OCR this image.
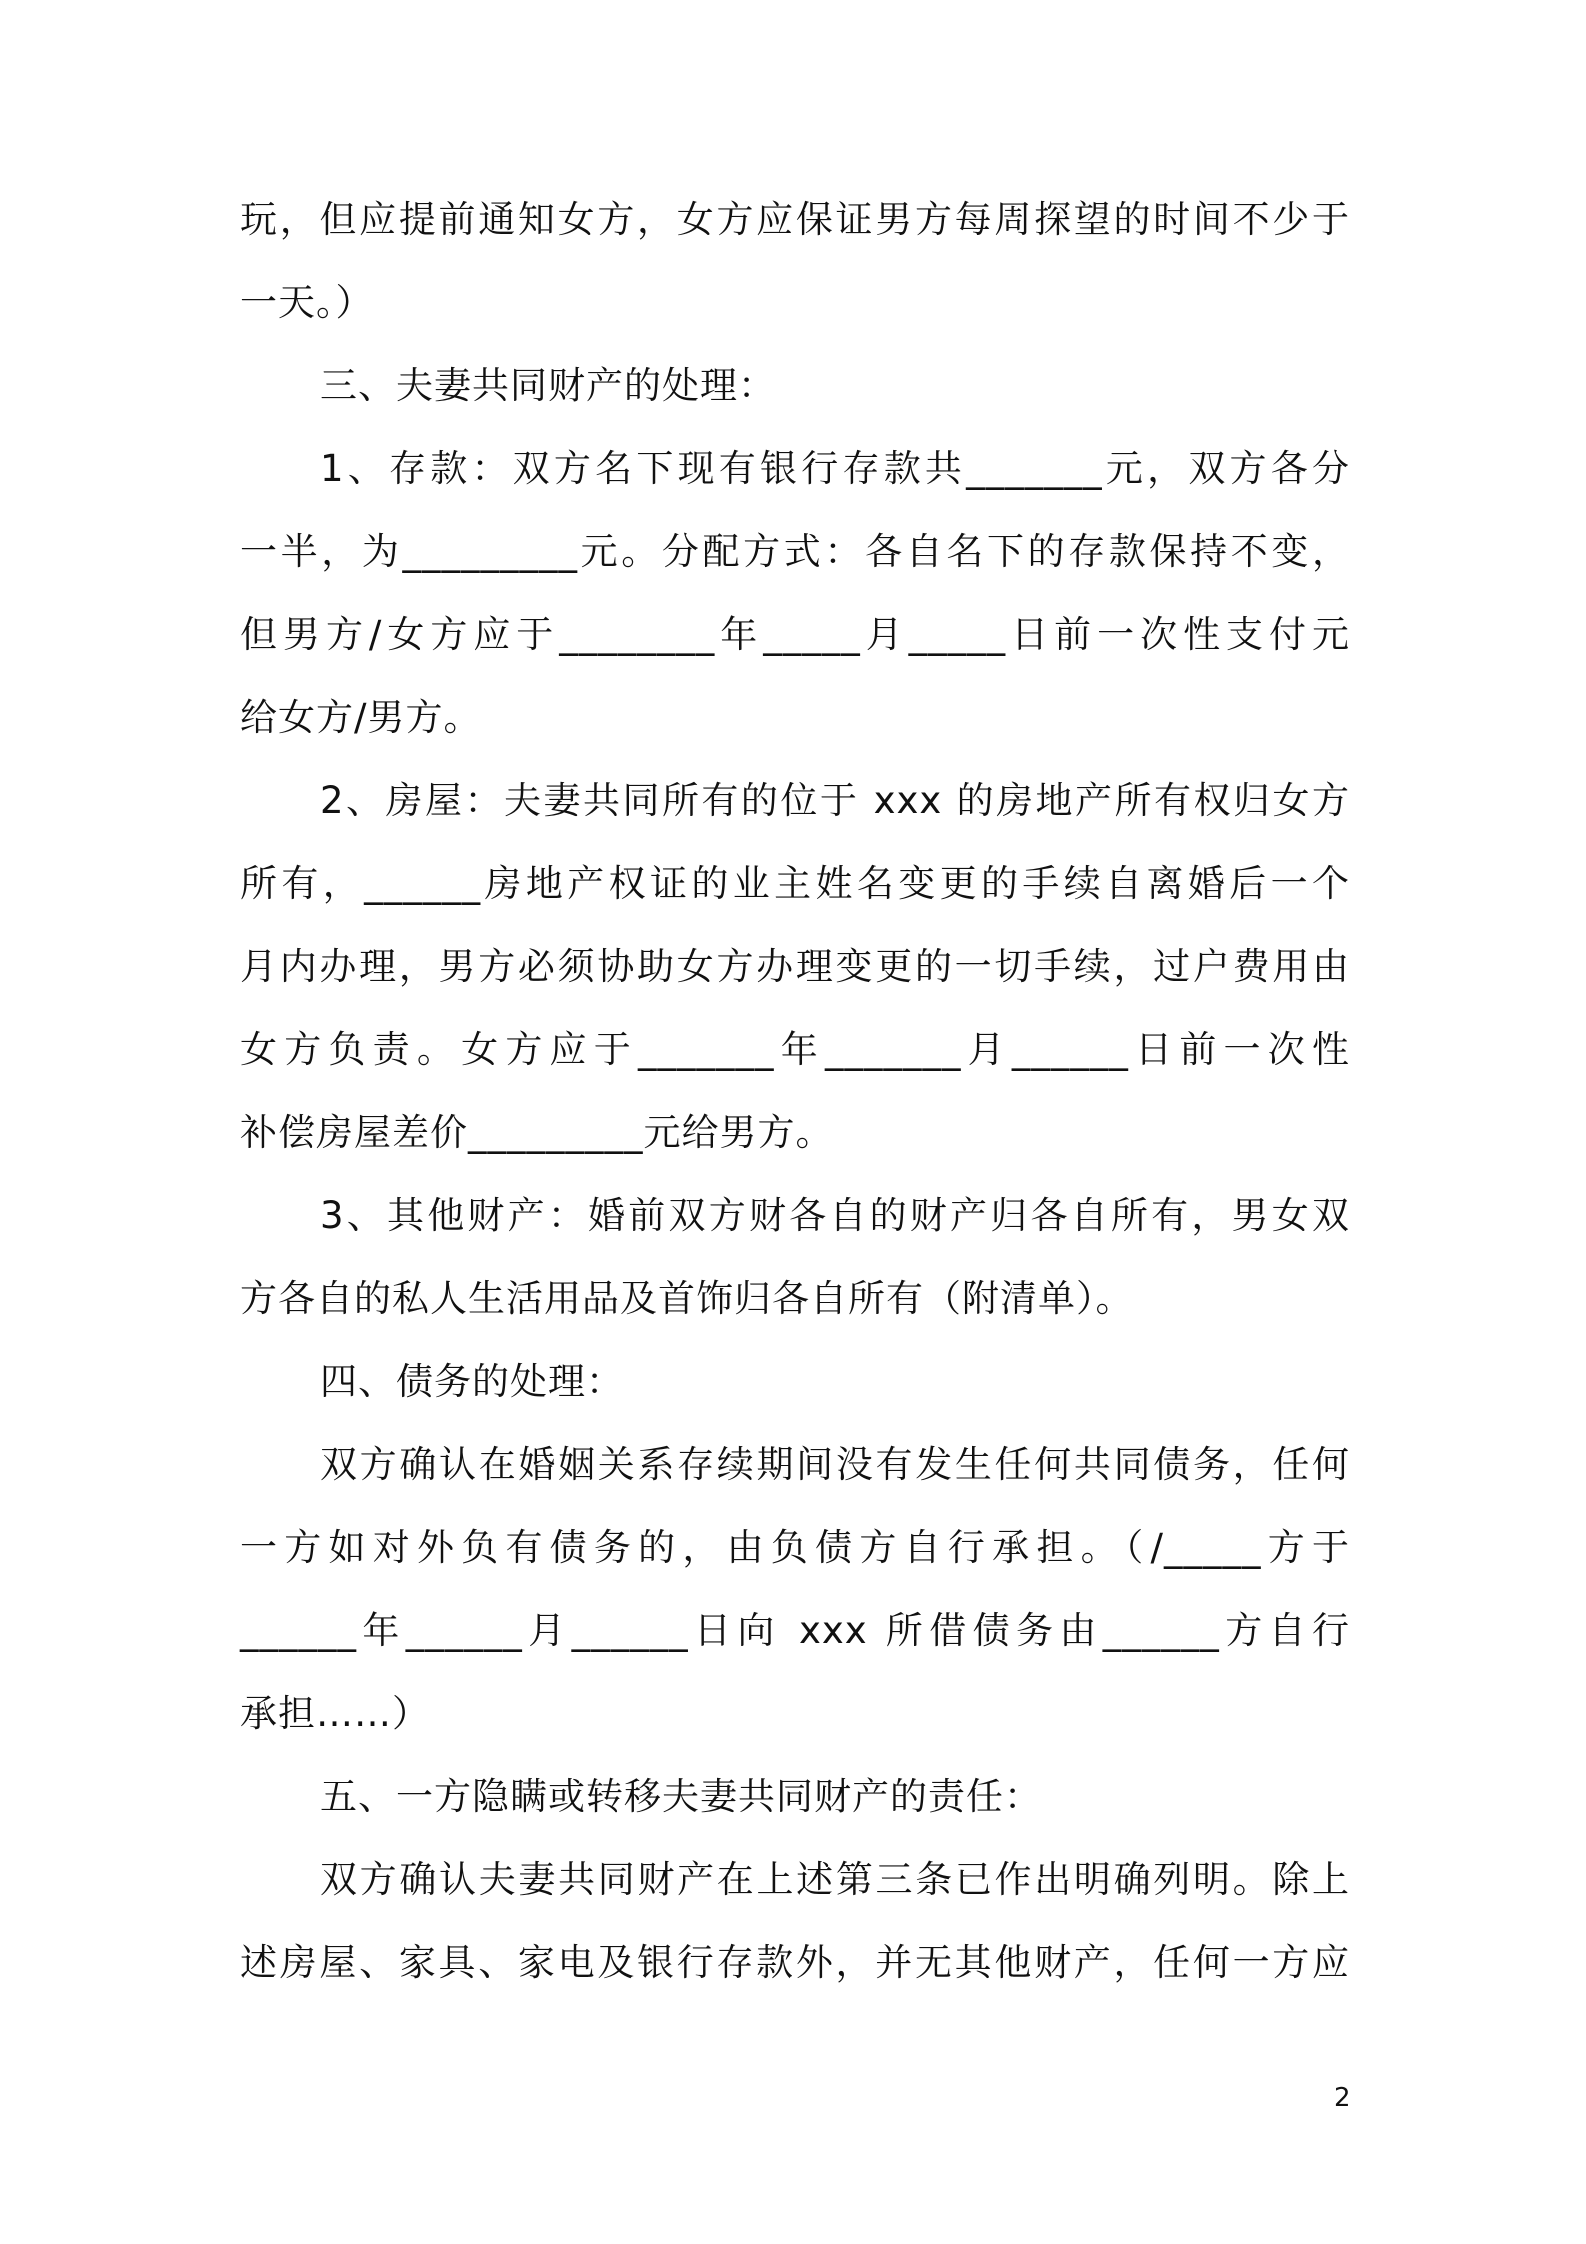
玩，但应提前通知女方，女方应保证男方每周探望的时间不少于
一天。）
三、夫妻共同财产的处理：
1、存款：双方名下现有银行存款共_______元，双方各分
一半，为_________元。分配方式：各自名下的存款保持不变，
但男方/女方应于________年_____月_____日前一次性支付元
给女方/男方。
2、房屋：夫妻共同所有的位于 xxx 的房地产所有权归女方
所有，______房地产权证的业主姓名变更的手续自离婚后一个
月内办理，男方必须协助女方办理变更的一切手续，过户费用由
女方负责。女方应于_______年_______月______日前一次性
补偿房屋差价_________元给男方。
3、其他财产：婚前双方财各自的财产归各自所有，男女双
方各自的私人生活用品及首饰归各自所有（附清单）。
四、债务的处理：
双方确认在婚姻关系存续期间没有发生任何共同债务，任何
一方如对外负有债务的，由负债方自行承担。（/_____方于
______年______月______日向 xxx 所借债务由______方自行
承担……）
五、一方隐瞒或转移夫妻共同财产的责任：
双方确认夫妻共同财产在上述第三条已作出明确列明。除上
述房屋、家具、家电及银行存款外，并无其他财产，任何一方应
2
